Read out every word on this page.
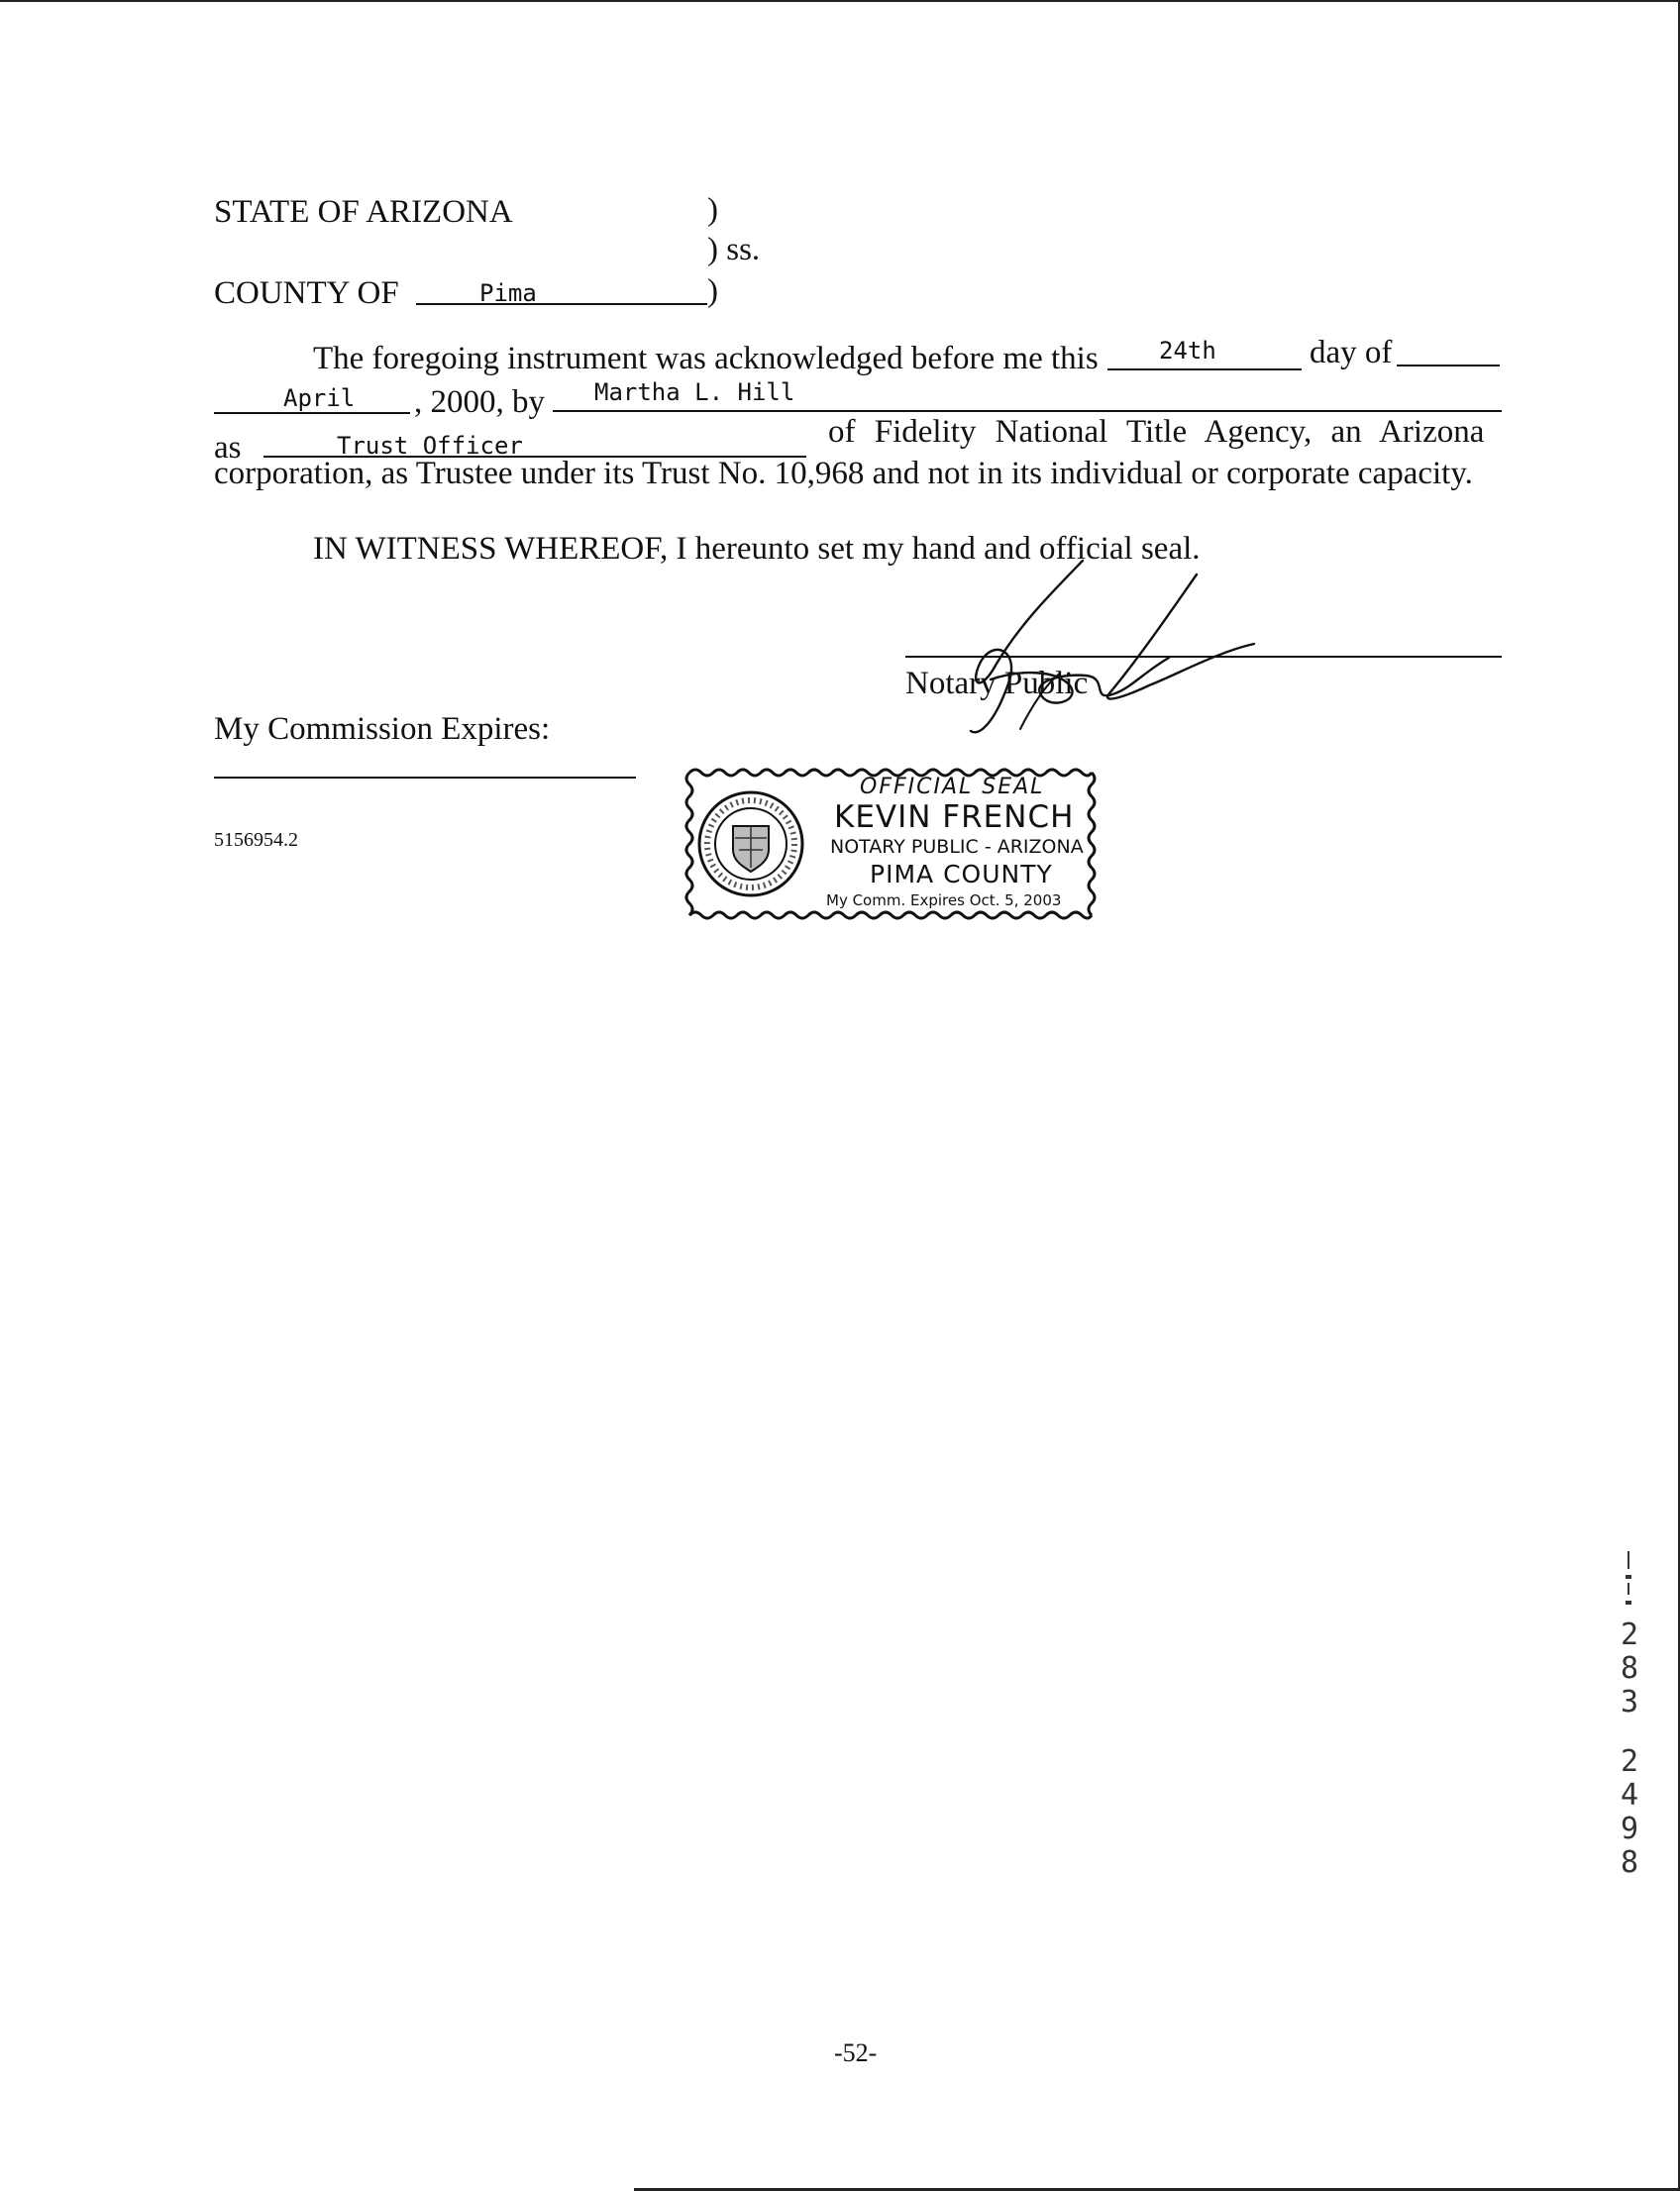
STATE OF ARIZONA	)
) ss.
COUNTY OF	Pima	)
The foregoing instrument was acknowledged before me this	24th	day of
April , 2000, by Martha L. Hill
as	Trust Officer	of Fidelity National Title Agency, an Arizona
corporation, as Trustee under its Trust No. 10,968 and not in its individual or corporate capacity.
IN WITNESS WHEREOF, I hereunto set my hand and official seal.
Notary Public
My Commission Expires:
5156954.2
OFFICIAL SEAL
KEVIN FRENCH
NOTARY PUBLIC - ARIZONA
PIMA COUNTY
My Comm. Expires Oct. 5, 2003
-52-
2
8
3
2
4
9
8
